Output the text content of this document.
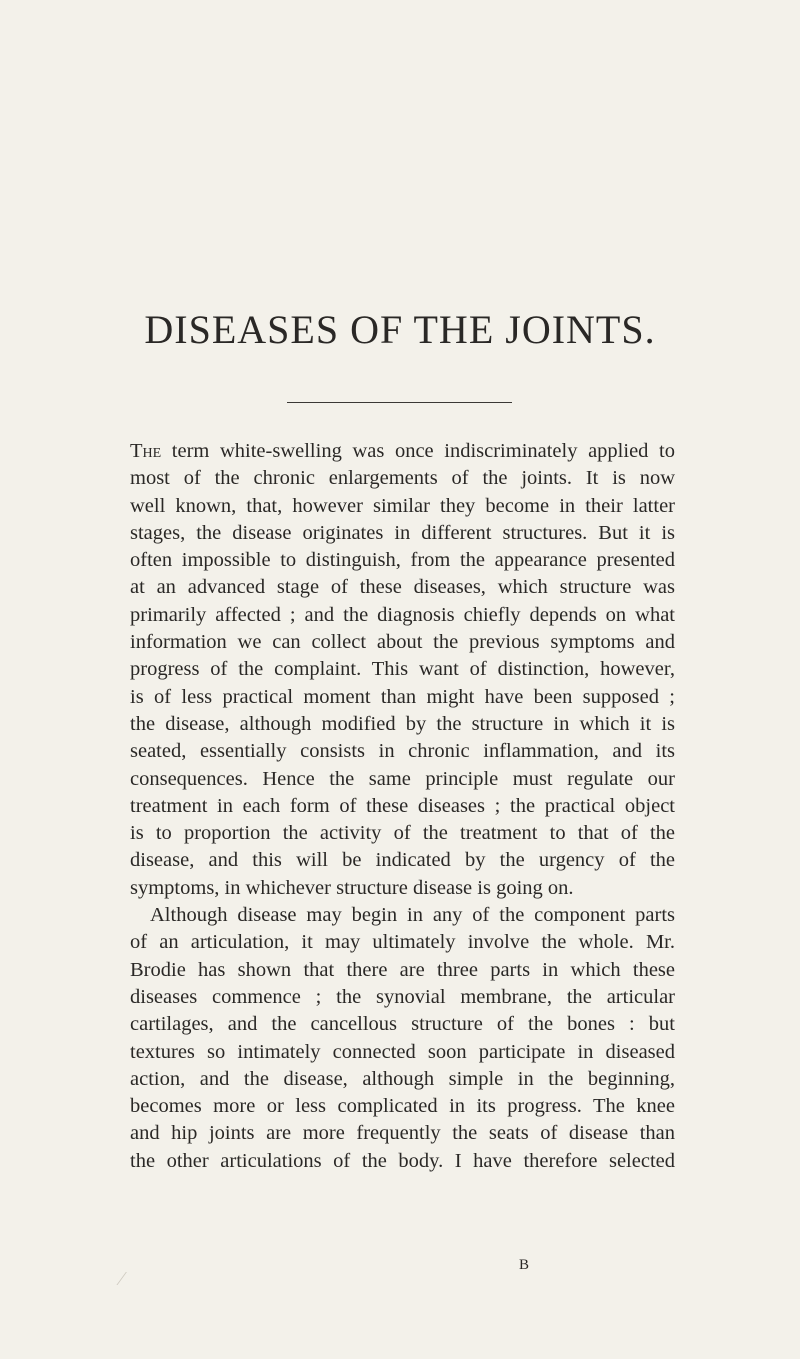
DISEASES OF THE JOINTS.
The term white-swelling was once indiscriminately applied to
most of the chronic enlargements of the joints. It is now
well known, that, however similar they become in their latter
stages, the disease originates in different structures. But it is
often impossible to distinguish, from the appearance presented
at an advanced stage of these diseases, which structure was
primarily affected ; and the diagnosis chiefly depends on what
information we can collect about the previous symptoms and
progress of the complaint. This want of distinction, however,
is of less practical moment than might have been supposed ;
the disease, although modified by the structure in which it is
seated, essentially consists in chronic inflammation, and its
consequences. Hence the same principle must regulate our
treatment in each form of these diseases ; the practical object
is to proportion the activity of the treatment to that of the
disease, and this will be indicated by the urgency of the
symptoms, in whichever structure disease is going on.
Although disease may begin in any of the component parts
of an articulation, it may ultimately involve the whole. Mr.
Brodie has shown that there are three parts in which these
diseases commence ; the synovial membrane, the articular
cartilages, and the cancellous structure of the bones : but
textures so intimately connected soon participate in diseased
action, and the disease, although simple in the beginning,
becomes more or less complicated in its progress. The knee
and hip joints are more frequently the seats of disease than
the other articulations of the body. I have therefore selected
B
⁄
